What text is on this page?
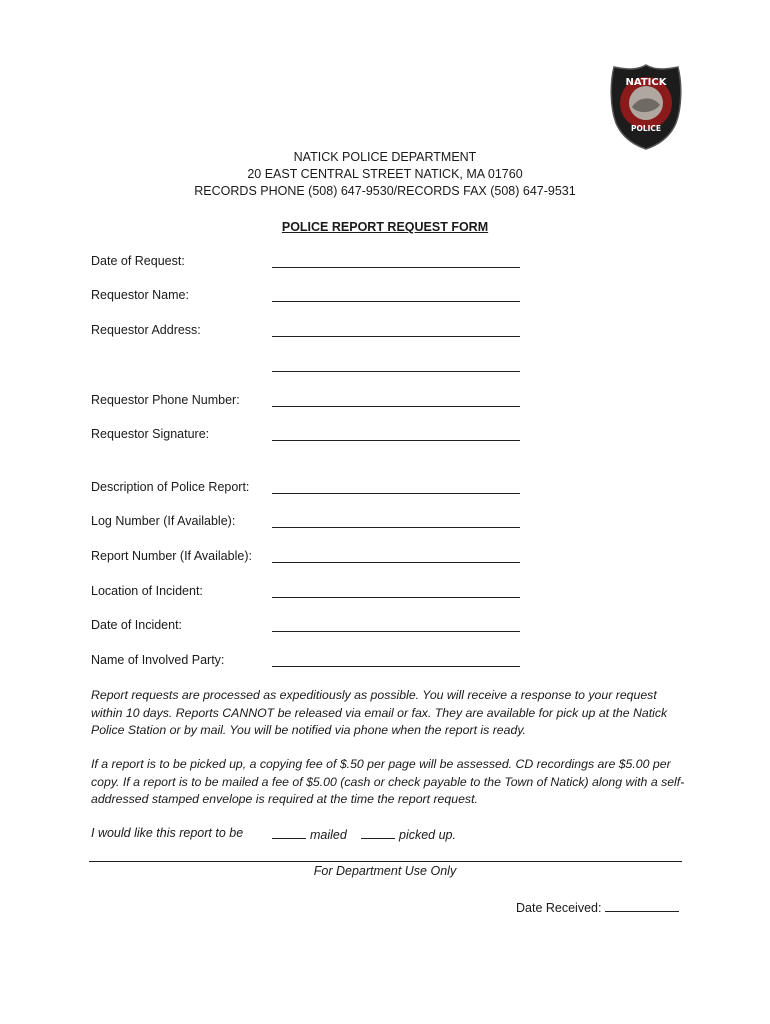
NATICK
POLICE
NATICK POLICE DEPARTMENT
20 EAST CENTRAL STREET NATICK, MA 01760
RECORDS PHONE (508) 647-9530/RECORDS FAX (508) 647-9531
POLICE REPORT REQUEST FORM
Date of Request:
Requestor Name:
Requestor Address:
Requestor Phone Number:
Requestor Signature:
Description of Police Report:
Log Number (If Available):
Report Number (If Available):
Location of Incident:
Date of Incident:
Name of Involved Party:
Report requests are processed as expeditiously as possible. You will receive a response to your request within 10 days. Reports CANNOT be released via email or fax. They are available for pick up at the Natick Police Station or by mail. You will be notified via phone when the report is ready.
If a report is to be picked up, a copying fee of $.50 per page will be assessed. CD recordings are $5.00 per copy. If a report is to be mailed a fee of $5.00 (cash or check payable to the Town of Natick) along with a self-addressed stamped envelope is required at the time the report request.
I would like this report to be	mailed	picked up.
For Department Use Only
Date Received:
